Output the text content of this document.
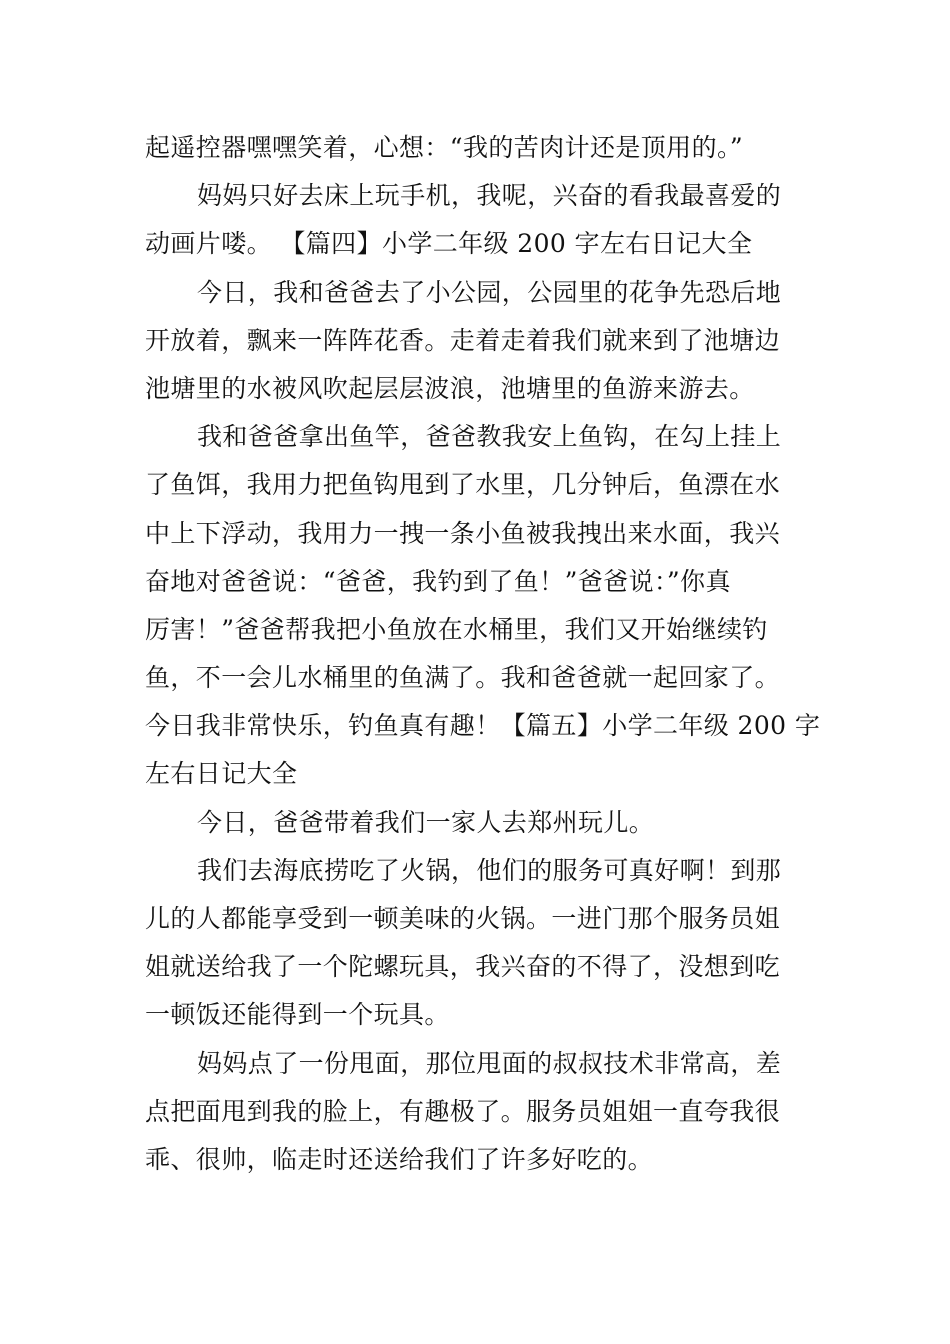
起遥控器嘿嘿笑着，心想：“我的苦肉计还是顶用的。”
妈妈只好去床上玩手机，我呢，兴奋的看我最喜爱的
动画片喽。 【篇四】小学二年级 200 字左右日记大全
今日，我和爸爸去了小公园，公园里的花争先恐后地
开放着，飘来一阵阵花香。走着走着我们就来到了池塘边
池塘里的水被风吹起层层波浪，池塘里的鱼游来游去。
我和爸爸拿出鱼竿，爸爸教我安上鱼钩，在勾上挂上
了鱼饵，我用力把鱼钩甩到了水里，几分钟后，鱼漂在水
中上下浮动，我用力一拽一条小鱼被我拽出来水面，我兴
奋地对爸爸说：“爸爸，我钓到了鱼！”爸爸说：”你真
厉害！”爸爸帮我把小鱼放在水桶里，我们又开始继续钓
鱼，不一会儿水桶里的鱼满了。我和爸爸就一起回家了。
今日我非常快乐，钓鱼真有趣！【篇五】小学二年级 200 字
左右日记大全
今日，爸爸带着我们一家人去郑州玩儿。
我们去海底捞吃了火锅，他们的服务可真好啊！到那
儿的人都能享受到一顿美味的火锅。一进门那个服务员姐
姐就送给我了一个陀螺玩具，我兴奋的不得了，没想到吃
一顿饭还能得到一个玩具。
妈妈点了一份甩面，那位甩面的叔叔技术非常高，差
点把面甩到我的脸上，有趣极了。服务员姐姐一直夸我很
乖、很帅，临走时还送给我们了许多好吃的。
